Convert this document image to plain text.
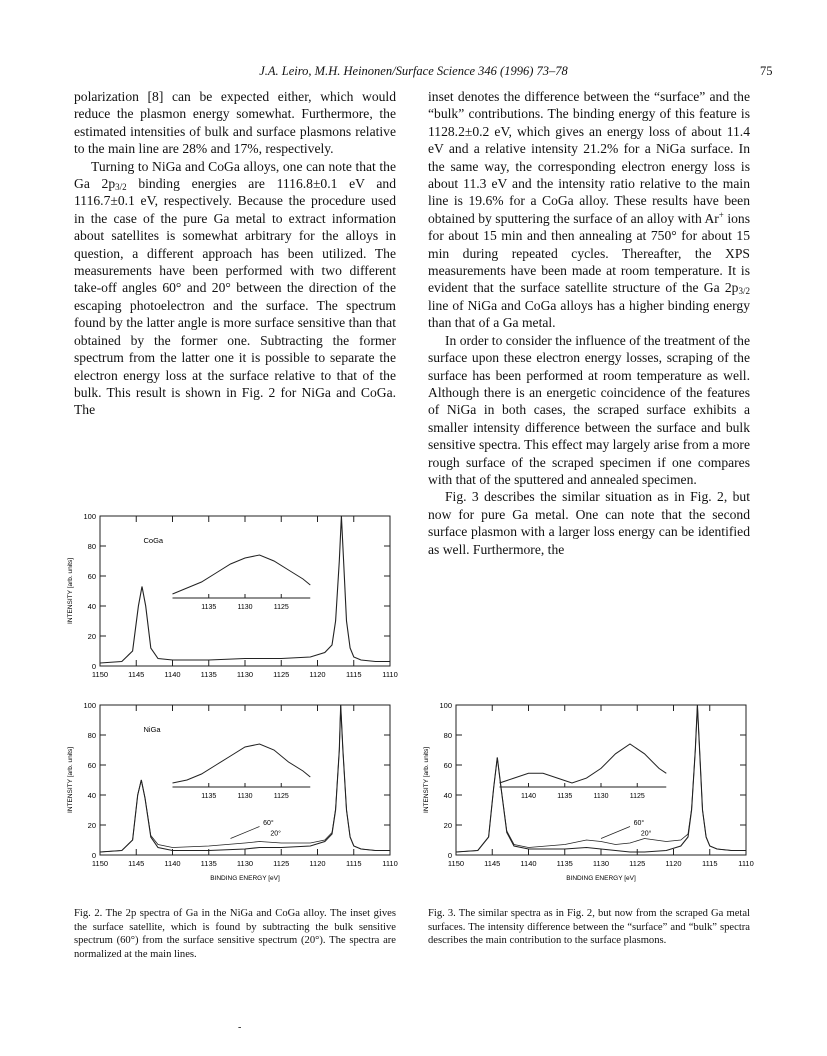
J.A. Leiro, M.H. Heinonen/Surface Science 346 (1996) 73–78	75

polarization [8] can be expected either, which would reduce the plasmon energy somewhat. Furthermore, the estimated intensities of bulk and surface plasmons relative to the main line are 28% and 17%, respectively.

Turning to NiGa and CoGa alloys, one can note that the Ga $2p_{3/2}$ binding energies are 1116.8±0.1 eV and 1116.7±0.1 eV, respectively. Because the procedure used in the case of the pure Ga metal to extract information about satellites is somewhat arbitrary for the alloys in question, a different approach has been utilized. The measurements have been performed with two different take-off angles 60° and 20° between the direction of the escaping photoelectron and the surface. The spectrum found by the latter angle is more surface sensitive than that obtained by the former one. Subtracting the former spectrum from the latter one it is possible to separate the electron energy loss at the surface relative to that of the bulk. This result is shown in Fig. 2 for NiGa and CoGa. The

inset denotes the difference between the “surface” and the “bulk” contributions. The binding energy of this feature is 1128.2±0.2 eV, which gives an energy loss of about 11.4 eV and a relative intensity 21.2% for a NiGa surface. In the same way, the corresponding electron energy loss is about 11.3 eV and the intensity ratio relative to the main line is 19.6% for a CoGa alloy. These results have been obtained by sputtering the surface of an alloy with Ar+ ions for about 15 min and then annealing at 750° for about 15 min during repeated cycles. Thereafter, the XPS measurements have been made at room temperature. It is evident that the surface satellite structure of the Ga $2p_{3/2}$ line of NiGa and CoGa alloys has a higher binding energy than that of a Ga metal.

In order to consider the influence of the treatment of the surface upon these electron energy losses, scraping of the surface has been performed at room temperature as well. Although there is an energetic coincidence of the features of NiGa in both cases, the scraped surface exhibits a smaller intensity difference between the surface and bulk sensitive spectra. This effect may largely arise from a more rough surface of the scraped specimen if one compares with that of the sputtered and annealed specimen.

Fig. 3 describes the similar situation as in Fig. 2, but now for pure Ga metal. One can note that the second surface plasmon with a larger loss energy can be identified as well. Furthermore, the

1150	1145	1140	1135	1130	1125	1120	1115	1110
0
20
40
60
80
100
INTENSITY [arb. units]
CoGa
1135	1130	1125
1150	1145	1140	1135	1130	1125	1120	1115	1110
0
20
40
60
80
100
INTENSITY [arb. units]
BINDING ENERGY [eV]
NiGa
1135	1130	1125
60°
20°
1150	1145	1140	1135	1130	1125	1120	1115	1110
0
20
40
60
80
100
INTENSITY [arb. units]
BINDING ENERGY [eV]
1140	1135	1130	1125
60°
20°
Fig. 2. The 2p spectra of Ga in the NiGa and CoGa alloy. The inset gives the surface satellite, which is found by subtracting the bulk sensitive spectrum (60°) from the surface sensitive spectrum (20°). The spectra are normalized at the main lines.
Fig. 3. The similar spectra as in Fig. 2, but now from the scraped Ga metal surfaces. The intensity difference between the “surface” and “bulk” spectra describes the main contribution to the surface plasmons.
-
